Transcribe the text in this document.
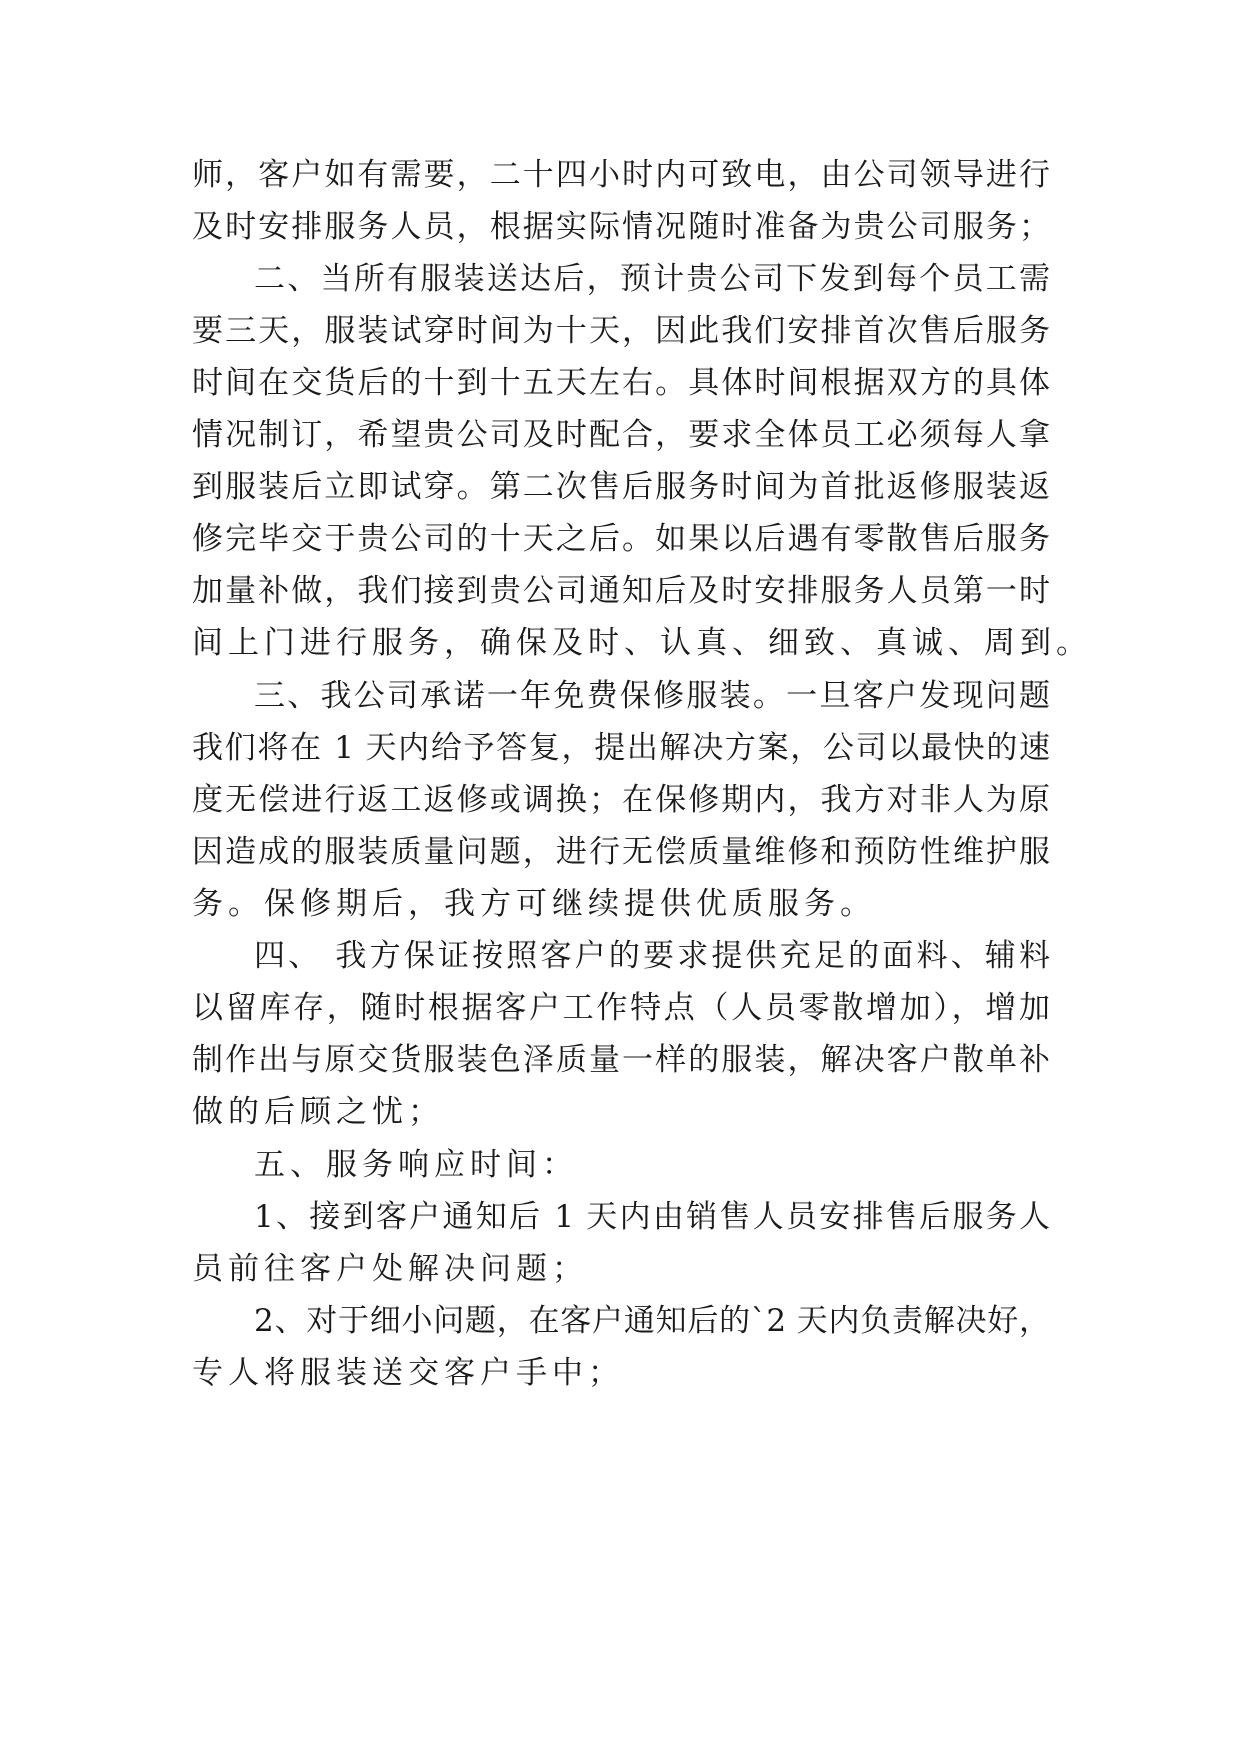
师，客户如有需要，二十四小时内可致电，由公司领导进行
及时安排服务人员，根据实际情况随时准备为贵公司服务；
二、当所有服装送达后，预计贵公司下发到每个员工需
要三天，服装试穿时间为十天，因此我们安排首次售后服务
时间在交货后的十到十五天左右。具体时间根据双方的具体
情况制订，希望贵公司及时配合，要求全体员工必须每人拿
到服装后立即试穿。第二次售后服务时间为首批返修服装返
修完毕交于贵公司的十天之后。如果以后遇有零散售后服务
加量补做，我们接到贵公司通知后及时安排服务人员第一时
间上门进行服务，确保及时、认真、细致、真诚、周到。
三、我公司承诺一年免费保修服装。一旦客户发现问题
我们将在 1 天内给予答复，提出解决方案，公司以最快的速
度无偿进行返工返修或调换；在保修期内，我方对非人为原
因造成的服装质量问题，进行无偿质量维修和预防性维护服
务。保修期后，我方可继续提供优质服务。
四、 我方保证按照客户的要求提供充足的面料、辅料
以留库存，随时根据客户工作特点（人员零散增加），增加
制作出与原交货服装色泽质量一样的服装，解决客户散单补
做的后顾之忧；
五、服务响应时间：
1、接到客户通知后 1 天内由销售人员安排售后服务人
员前往客户处解决问题；
2、对于细小问题，在客户通知后的`2 天内负责解决好，
专人将服装送交客户手中；
